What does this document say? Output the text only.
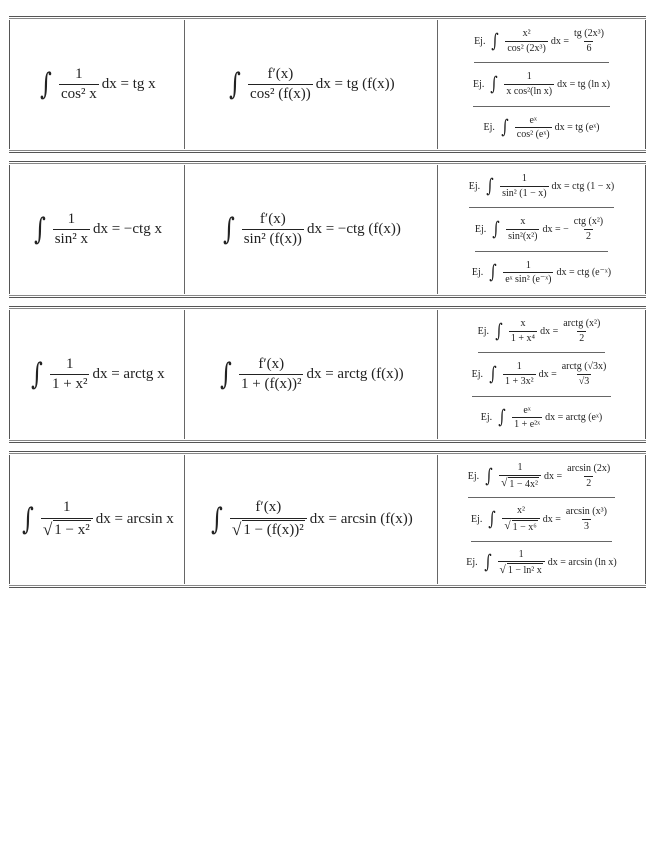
∫ $\frac{1}{\text{cos² x}}$ dx = tg x ∫ $\frac{f'(x)}{\text{cos² (f(x))}}$ dx = tg (f(x))
Ej. ∫ $\frac{\text{x²}}{\text{cos² (2x³)}}$ dx = $\frac{\text{tg (2x³)}}{6}$
Ej. ∫ $\frac{1}{\text{x cos²(ln x)}}$ dx = tg (ln x)
Ej. ∫ $\frac{\text{eˣ}}{\text{cos² (eˣ)}}$ dx = tg (eˣ)
∫ $\frac{1}{\text{sin² x}}$ dx = −ctg x ∫ $\frac{f'(x)}{\text{sin² (f(x))}}$ dx = −ctg (f(x))
Ej. ∫ $\frac{1}{\text{sin² (1 − x)}}$ dx = ctg (1 − x)
Ej. ∫ $\frac{x}{\text{sin²(x²)}}$ dx = − $\frac{\text{ctg (x²)}}{2}$
Ej. ∫ $\frac{1}{\text{eˣ sin² (e⁻ˣ)}}$ dx = ctg (e⁻ˣ)
∫ $\frac{1}{\text{1 + x²}}$ dx = arctg x ∫ $\frac{f'(x)}{\text{1 + (f(x))²}}$ dx = arctg (f(x))
Ej. ∫ $\frac{x}{\text{1 + x⁴}}$ dx = $\frac{\text{arctg (x²)}}{2}$
Ej. ∫ $\frac{1}{\text{1 + 3x²}}$ dx = $\frac{\text{arctg (√3x)}}{√3}$
Ej. ∫ $\frac{\text{eˣ}}{\text{1 + e²ˣ}}$ dx = arctg (eˣ)
∫ $\frac{1}{\text{√ 1 − x²}}$ dx = arcsin x ∫ $\frac{f'(x)}{\text{√ 1 − (f(x))²}}$ dx = arcsin (f(x))
Ej. ∫ $\frac{1}{\text{√ 1 − 4x²}}$ dx = $\frac{\arcsin (2x)}{2}$
Ej. ∫ $\frac{\text{x²}}{\text{√ 1 − x⁶}}$ dx = $\frac{\text{arcsin (x³)}}{3}$
Ej. ∫ $\frac{1}{\text{√ 1 − ln² x}}$ dx = arcsin (ln x)
